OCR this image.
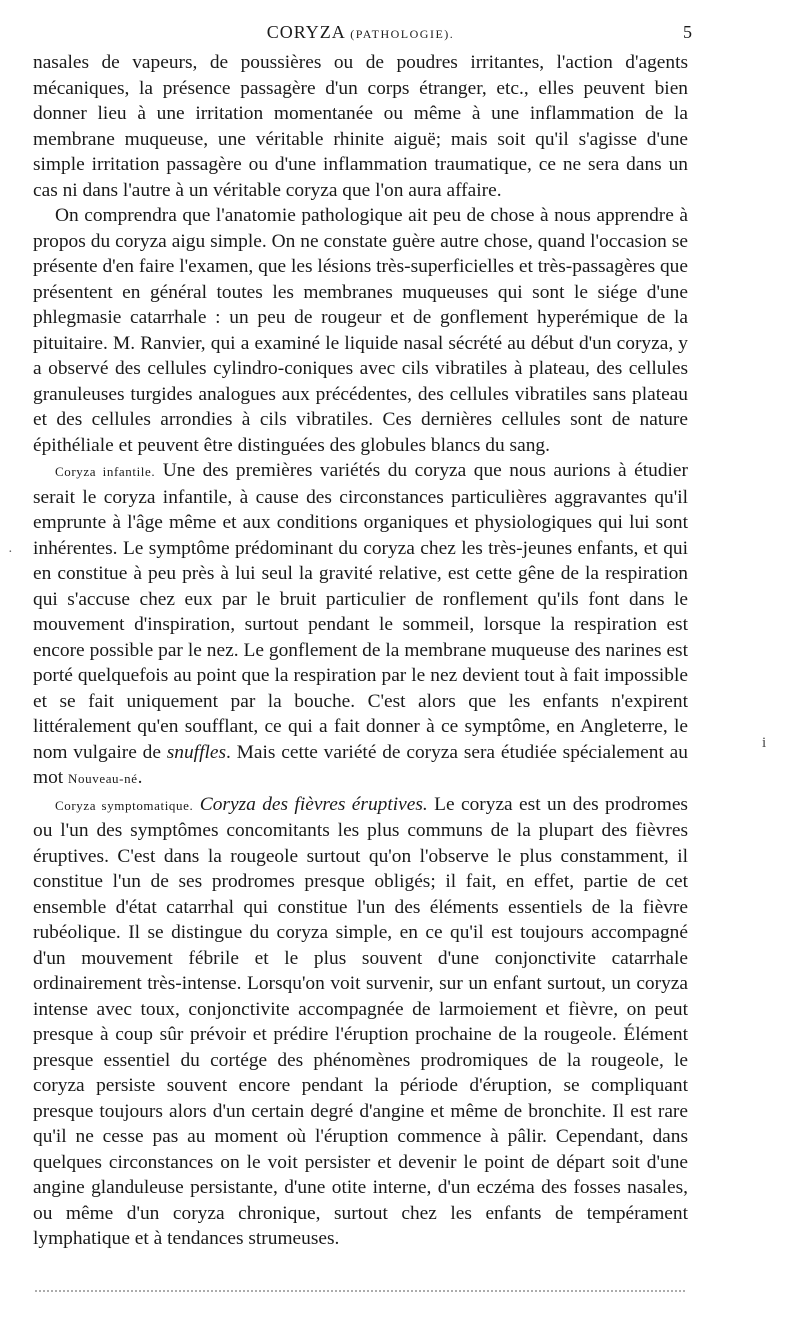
CORYZA (PATHOLOGIE).	5

nasales de vapeurs, de poussières ou de poudres irritantes, l'action d'agents mécaniques, la présence passagère d'un corps étranger, etc., elles peuvent bien donner lieu à une irritation momentanée ou même à une inflammation de la membrane muqueuse, une véritable rhinite aiguë; mais soit qu'il s'agisse d'une simple irritation passagère ou d'une inflammation traumatique, ce ne sera dans un cas ni dans l'autre à un véritable coryza que l'on aura affaire.

On comprendra que l'anatomie pathologique ait peu de chose à nous apprendre à propos du coryza aigu simple. On ne constate guère autre chose, quand l'occasion se présente d'en faire l'examen, que les lésions très-superficielles et très-passagères que présentent en général toutes les membranes muqueuses qui sont le siége d'une phlegmasie catarrhale : un peu de rougeur et de gonflement hyperémique de la pituitaire. M. Ranvier, qui a examiné le liquide nasal sécrété au début d'un coryza, y a observé des cellules cylindro-coniques avec cils vibratiles à plateau, des cellules granuleuses turgides analogues aux précédentes, des cellules vibratiles sans plateau et des cellules arrondies à cils vibratiles. Ces dernières cellules sont de nature épithéliale et peuvent être distinguées des globules blancs du sang.

Coryza infantile. Une des premières variétés du coryza que nous aurions à étudier serait le coryza infantile, à cause des circonstances particulières aggravantes qu'il emprunte à l'âge même et aux conditions organiques et physiologiques qui lui sont inhérentes. Le symptôme prédominant du coryza chez les très-jeunes enfants, et qui en constitue à peu près à lui seul la gravité relative, est cette gêne de la respiration qui s'accuse chez eux par le bruit particulier de ronflement qu'ils font dans le mouvement d'inspiration, surtout pendant le sommeil, lorsque la respiration est encore possible par le nez. Le gonflement de la membrane muqueuse des narines est porté quelquefois au point que la respiration par le nez devient tout à fait impossible et se fait uniquement par la bouche. C'est alors que les enfants n'expirent littéralement qu'en soufflant, ce qui a fait donner à ce symptôme, en Angleterre, le nom vulgaire de snuffles. Mais cette variété de coryza sera étudiée spécialement au mot Nouveau-né.

Coryza symptomatique. Coryza des fièvres éruptives. Le coryza est un des prodromes ou l'un des symptômes concomitants les plus communs de la plupart des fièvres éruptives. C'est dans la rougeole surtout qu'on l'observe le plus constamment, il constitue l'un de ses prodromes presque obligés; il fait, en effet, partie de cet ensemble d'état catarrhal qui constitue l'un des éléments essentiels de la fièvre rubéolique. Il se distingue du coryza simple, en ce qu'il est toujours accompagné d'un mouvement fébrile et le plus souvent d'une conjonctivite catarrhale ordinairement très-intense. Lorsqu'on voit survenir, sur un enfant surtout, un coryza intense avec toux, conjonctivite accompagnée de larmoiement et fièvre, on peut presque à coup sûr prévoir et prédire l'éruption prochaine de la rougeole. Élément presque essentiel du cortége des phénomènes prodromiques de la rougeole, le coryza persiste souvent encore pendant la période d'éruption, se compliquant presque toujours alors d'un certain degré d'angine et même de bronchite. Il est rare qu'il ne cesse pas au moment où l'éruption commence à pâlir. Cependant, dans quelques circonstances on le voit persister et devenir le point de départ soit d'une angine glanduleuse persistante, d'une otite interne, d'un eczéma des fosses nasales, ou même d'un coryza chronique, surtout chez les enfants de tempérament lymphatique et à tendances strumeuses.

·
i
